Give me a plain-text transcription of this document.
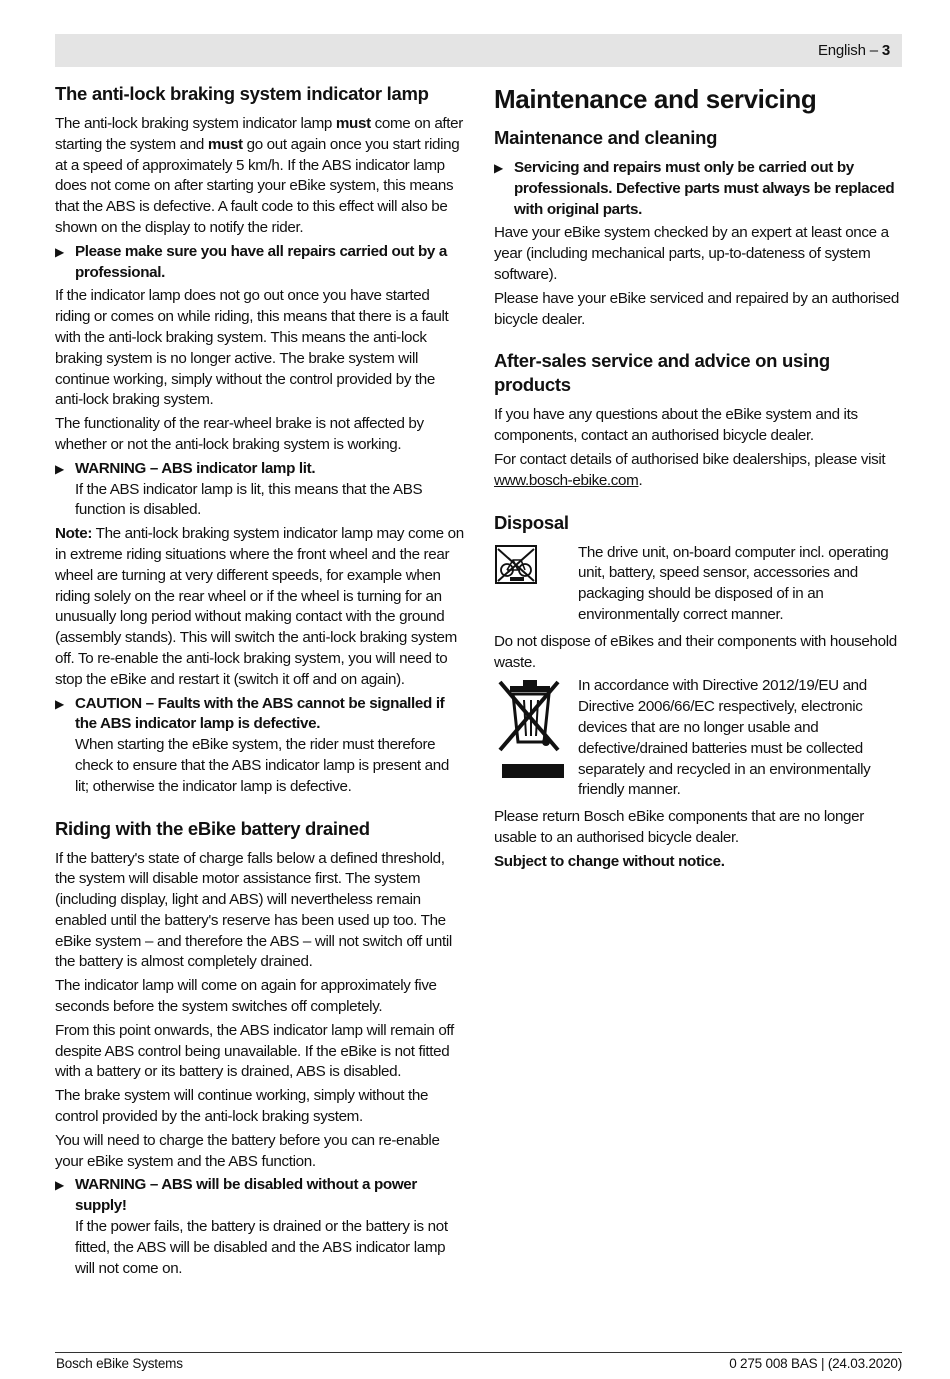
English – 3
The anti-lock braking system indicator lamp

The anti-lock braking system indicator lamp must come on after starting the system and must go out again once you start riding at a speed of approximately 5 km/h. If the ABS indicator lamp does not come on after starting your eBike system, this means that the ABS is defective. A fault code to this effect will also be shown on the display to notify the rider.

▶ Please make sure you have all repairs carried out by a professional.

If the indicator lamp does not go out once you have started riding or comes on while riding, this means that there is a fault with the anti-lock braking system. This means the anti-lock braking system is no longer active. The brake system will continue working, simply without the control provided by the anti-lock braking system.

The functionality of the rear-wheel brake is not affected by whether or not the anti-lock braking system is working.

▶ WARNING – ABS indicator lamp lit.
If the ABS indicator lamp is lit, this means that the ABS function is disabled.

Note: The anti-lock braking system indicator lamp may come on in extreme riding situations where the front wheel and the rear wheel are turning at very different speeds, for example when riding solely on the rear wheel or if the wheel is turning for an unusually long period without making contact with the ground (assembly stands). This will switch the anti-lock braking system off. To re-enable the anti-lock braking system, you will need to stop the eBike and restart it (switch it off and on again).

▶ CAUTION – Faults with the ABS cannot be signalled if the ABS indicator lamp is defective.
When starting the eBike system, the rider must therefore check to ensure that the ABS indicator lamp is present and lit; otherwise the indicator lamp is defective.
Riding with the eBike battery drained

If the battery's state of charge falls below a defined threshold, the system will disable motor assistance first. The system (including display, light and ABS) will nevertheless remain enabled until the battery's reserve has been used up too. The eBike system – and therefore the ABS – will not switch off until the battery is almost completely drained.

The indicator lamp will come on again for approximately five seconds before the system switches off completely.

From this point onwards, the ABS indicator lamp will remain off despite ABS control being unavailable. If the eBike is not fitted with a battery or its battery is drained, ABS is disabled.

The brake system will continue working, simply without the control provided by the anti-lock braking system.

You will need to charge the battery before you can re-enable your eBike system and the ABS function.

▶ WARNING – ABS will be disabled without a power supply!
If the power fails, the battery is drained or the battery is not fitted, the ABS will be disabled and the ABS indicator lamp will not come on.
Maintenance and servicing
Maintenance and cleaning
▶ Servicing and repairs must only be carried out by professionals. Defective parts must always be replaced with original parts.

Have your eBike system checked by an expert at least once a year (including mechanical parts, up-to-dateness of system software).

Please have your eBike serviced and repaired by an authorised bicycle dealer.

After-sales service and advice on using products

If you have any questions about the eBike system and its components, contact an authorised bicycle dealer.

For contact details of authorised bike dealerships, please visit www.bosch-ebike.com.

Disposal
The drive unit, on-board computer incl. operating unit, battery, speed sensor, accessories and packaging should be disposed of in an environmentally correct manner.

Do not dispose of eBikes and their components with household waste.

In accordance with Directive 2012/19/EU and Directive 2006/66/EC respectively, electronic devices that are no longer usable and defective/drained batteries must be collected separately and recycled in an environmentally friendly manner.

Please return Bosch eBike components that are no longer usable to an authorised bicycle dealer.

Subject to change without notice.

Bosch eBike Systems	0 275 008 BAS | (24.03.2020)
